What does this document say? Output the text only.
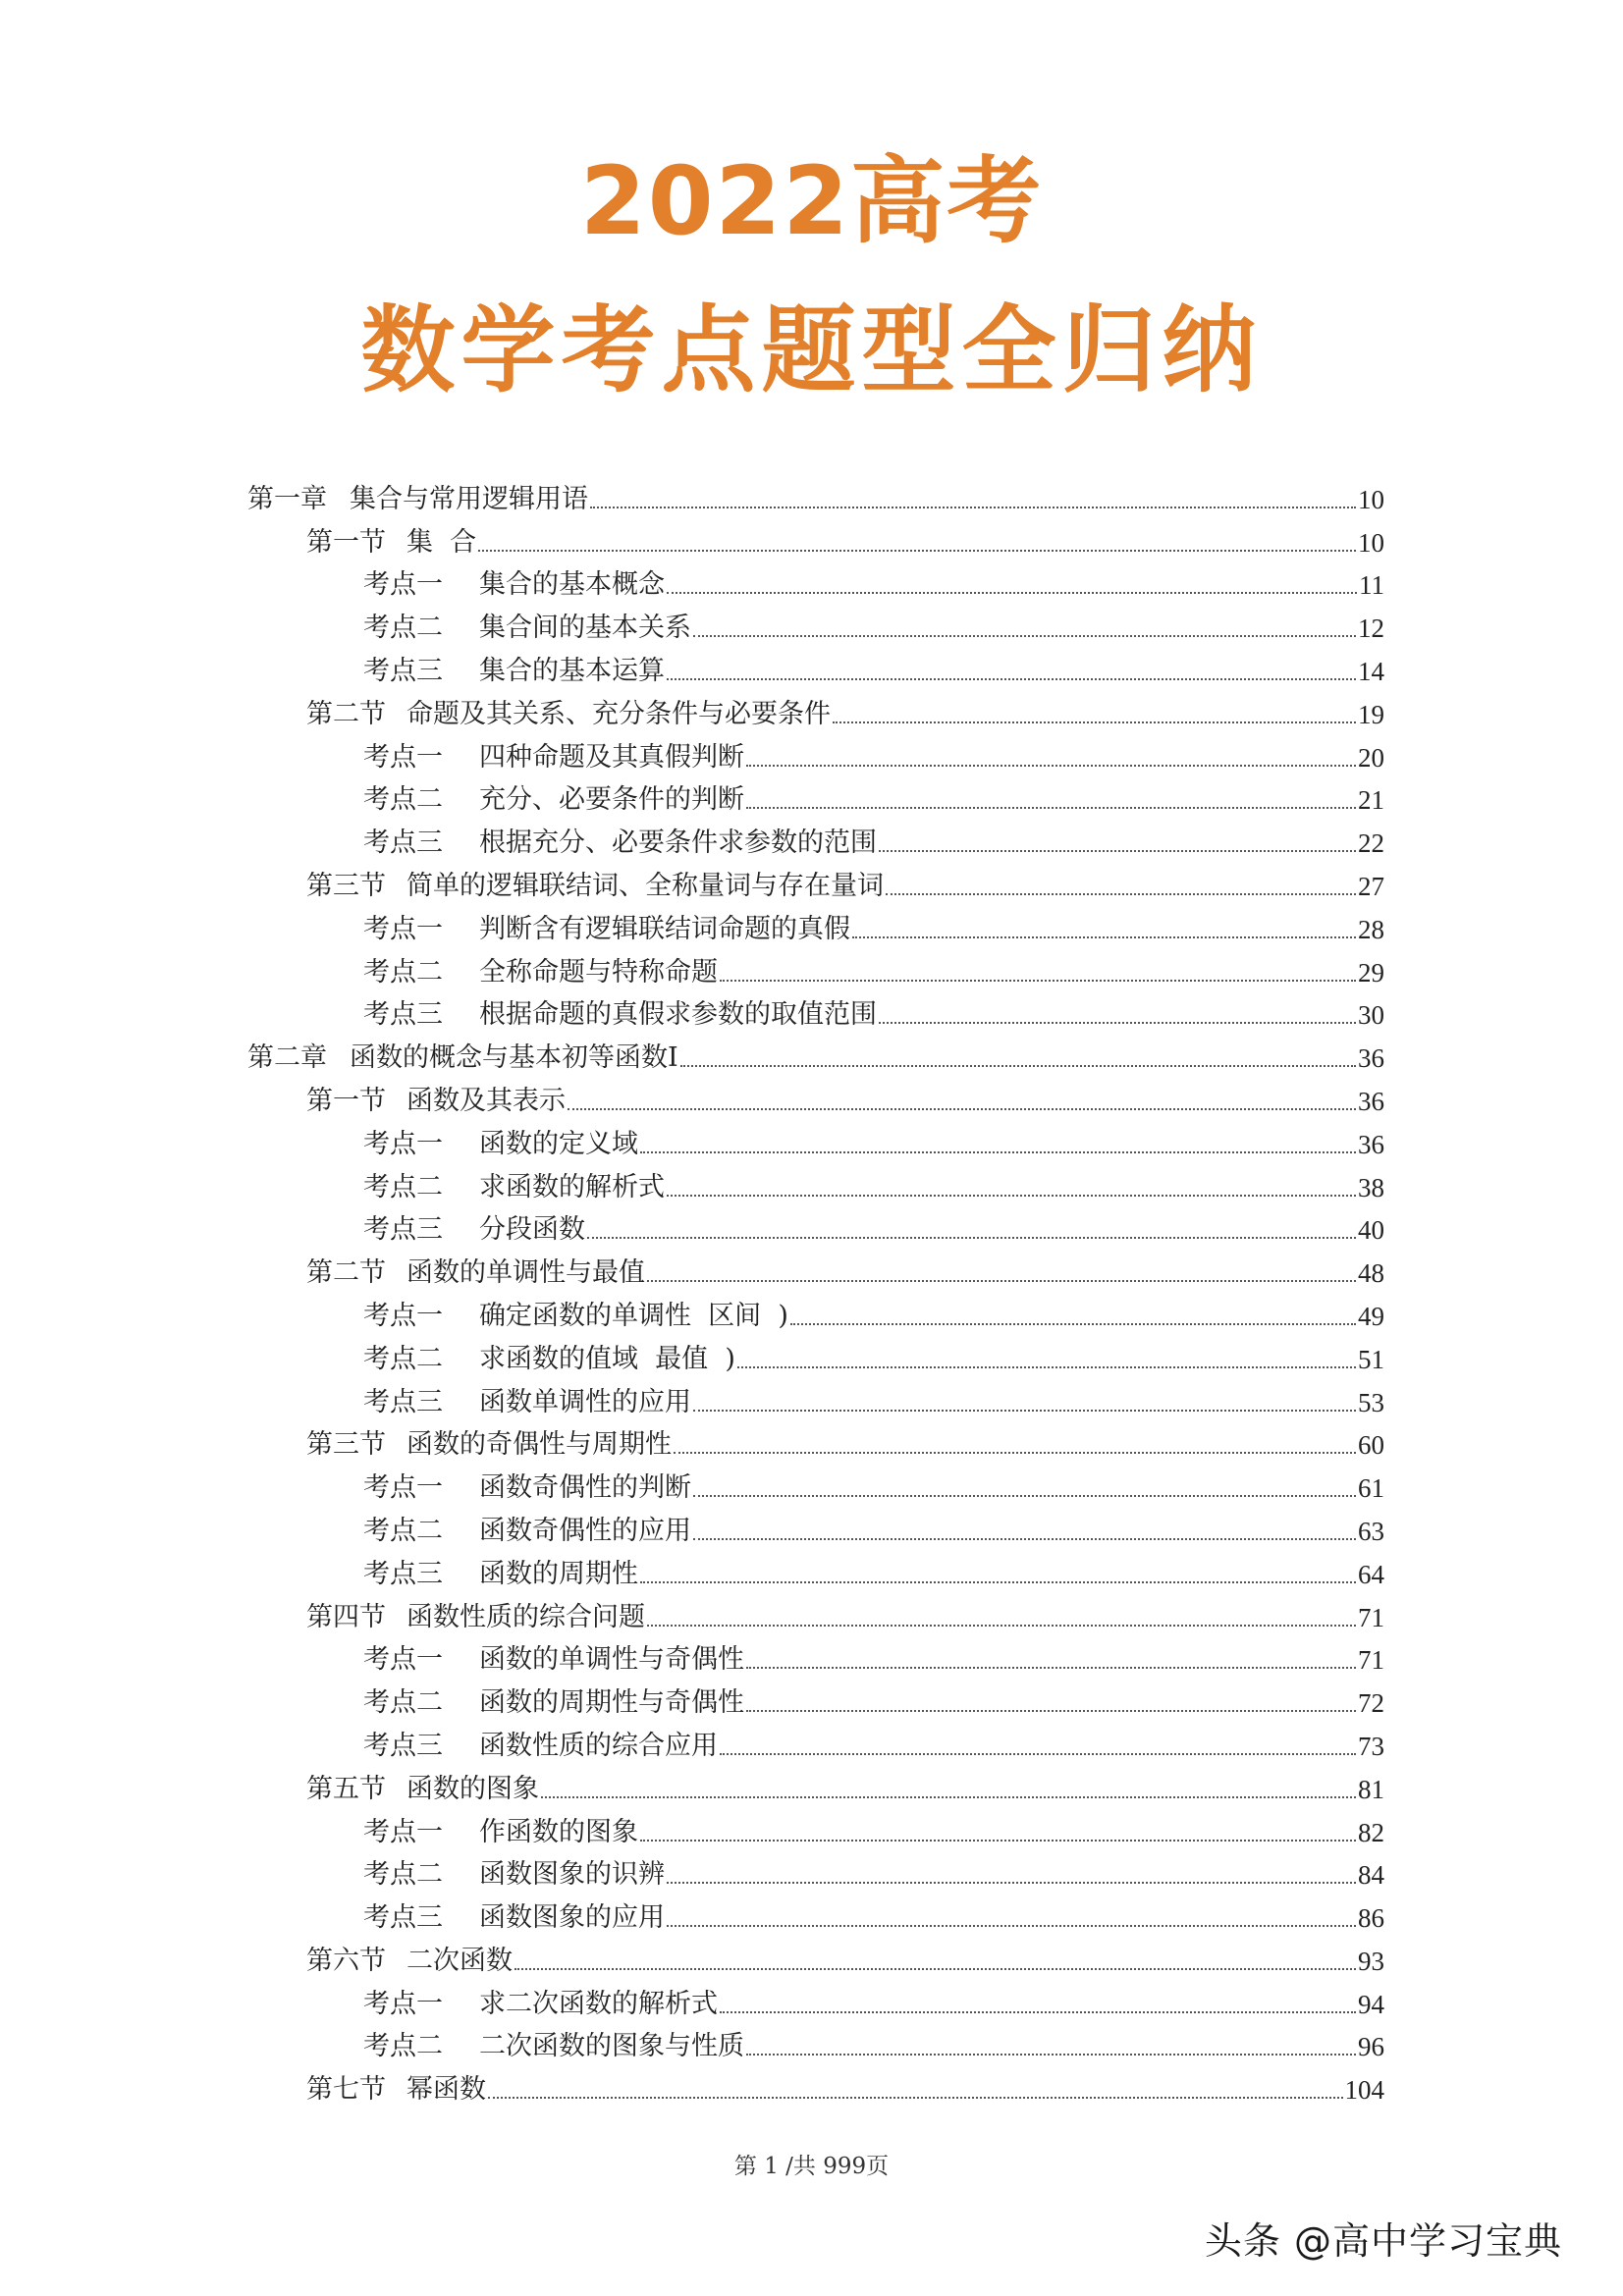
2022高考
数学考点题型全归纳
第一章 集合与常用逻辑用语	10
第一节 集  合	10
考点一	集合的基本概念	11
考点二	集合间的基本关系	12
考点三	集合的基本运算	14
第二节 命题及其关系、充分条件与必要条件	19
考点一	四种命题及其真假判断	20
考点二	充分、必要条件的判断	21
考点三	根据充分、必要条件求参数的范围	22
第三节 简单的逻辑联结词、全称量词与存在量词	27
考点一	判断含有逻辑联结词命题的真假	28
考点二	全称命题与特称命题	29
考点三	根据命题的真假求参数的取值范围	30
第二章 函数的概念与基本初等函数Ⅰ	36
第一节 函数及其表示	36
考点一	函数的定义域	36
考点二	求函数的解析式	38
考点三	分段函数	40
第二节 函数的单调性与最值	48
考点一	确定函数的单调性  区间  )	49
考点二	求函数的值域  最值  )	51
考点三	函数单调性的应用	53
第三节 函数的奇偶性与周期性	60
考点一	函数奇偶性的判断	61
考点二	函数奇偶性的应用	63
考点三	函数的周期性	64
第四节 函数性质的综合问题	71
考点一	函数的单调性与奇偶性	71
考点二	函数的周期性与奇偶性	72
考点三	函数性质的综合应用	73
第五节 函数的图象	81
考点一	作函数的图象	82
考点二	函数图象的识辨	84
考点三	函数图象的应用	86
第六节 二次函数	93
考点一	求二次函数的解析式	94
考点二	二次函数的图象与性质	96
第七节 幂函数	104
第 1 /共 999页
头条 @高中学习宝典
